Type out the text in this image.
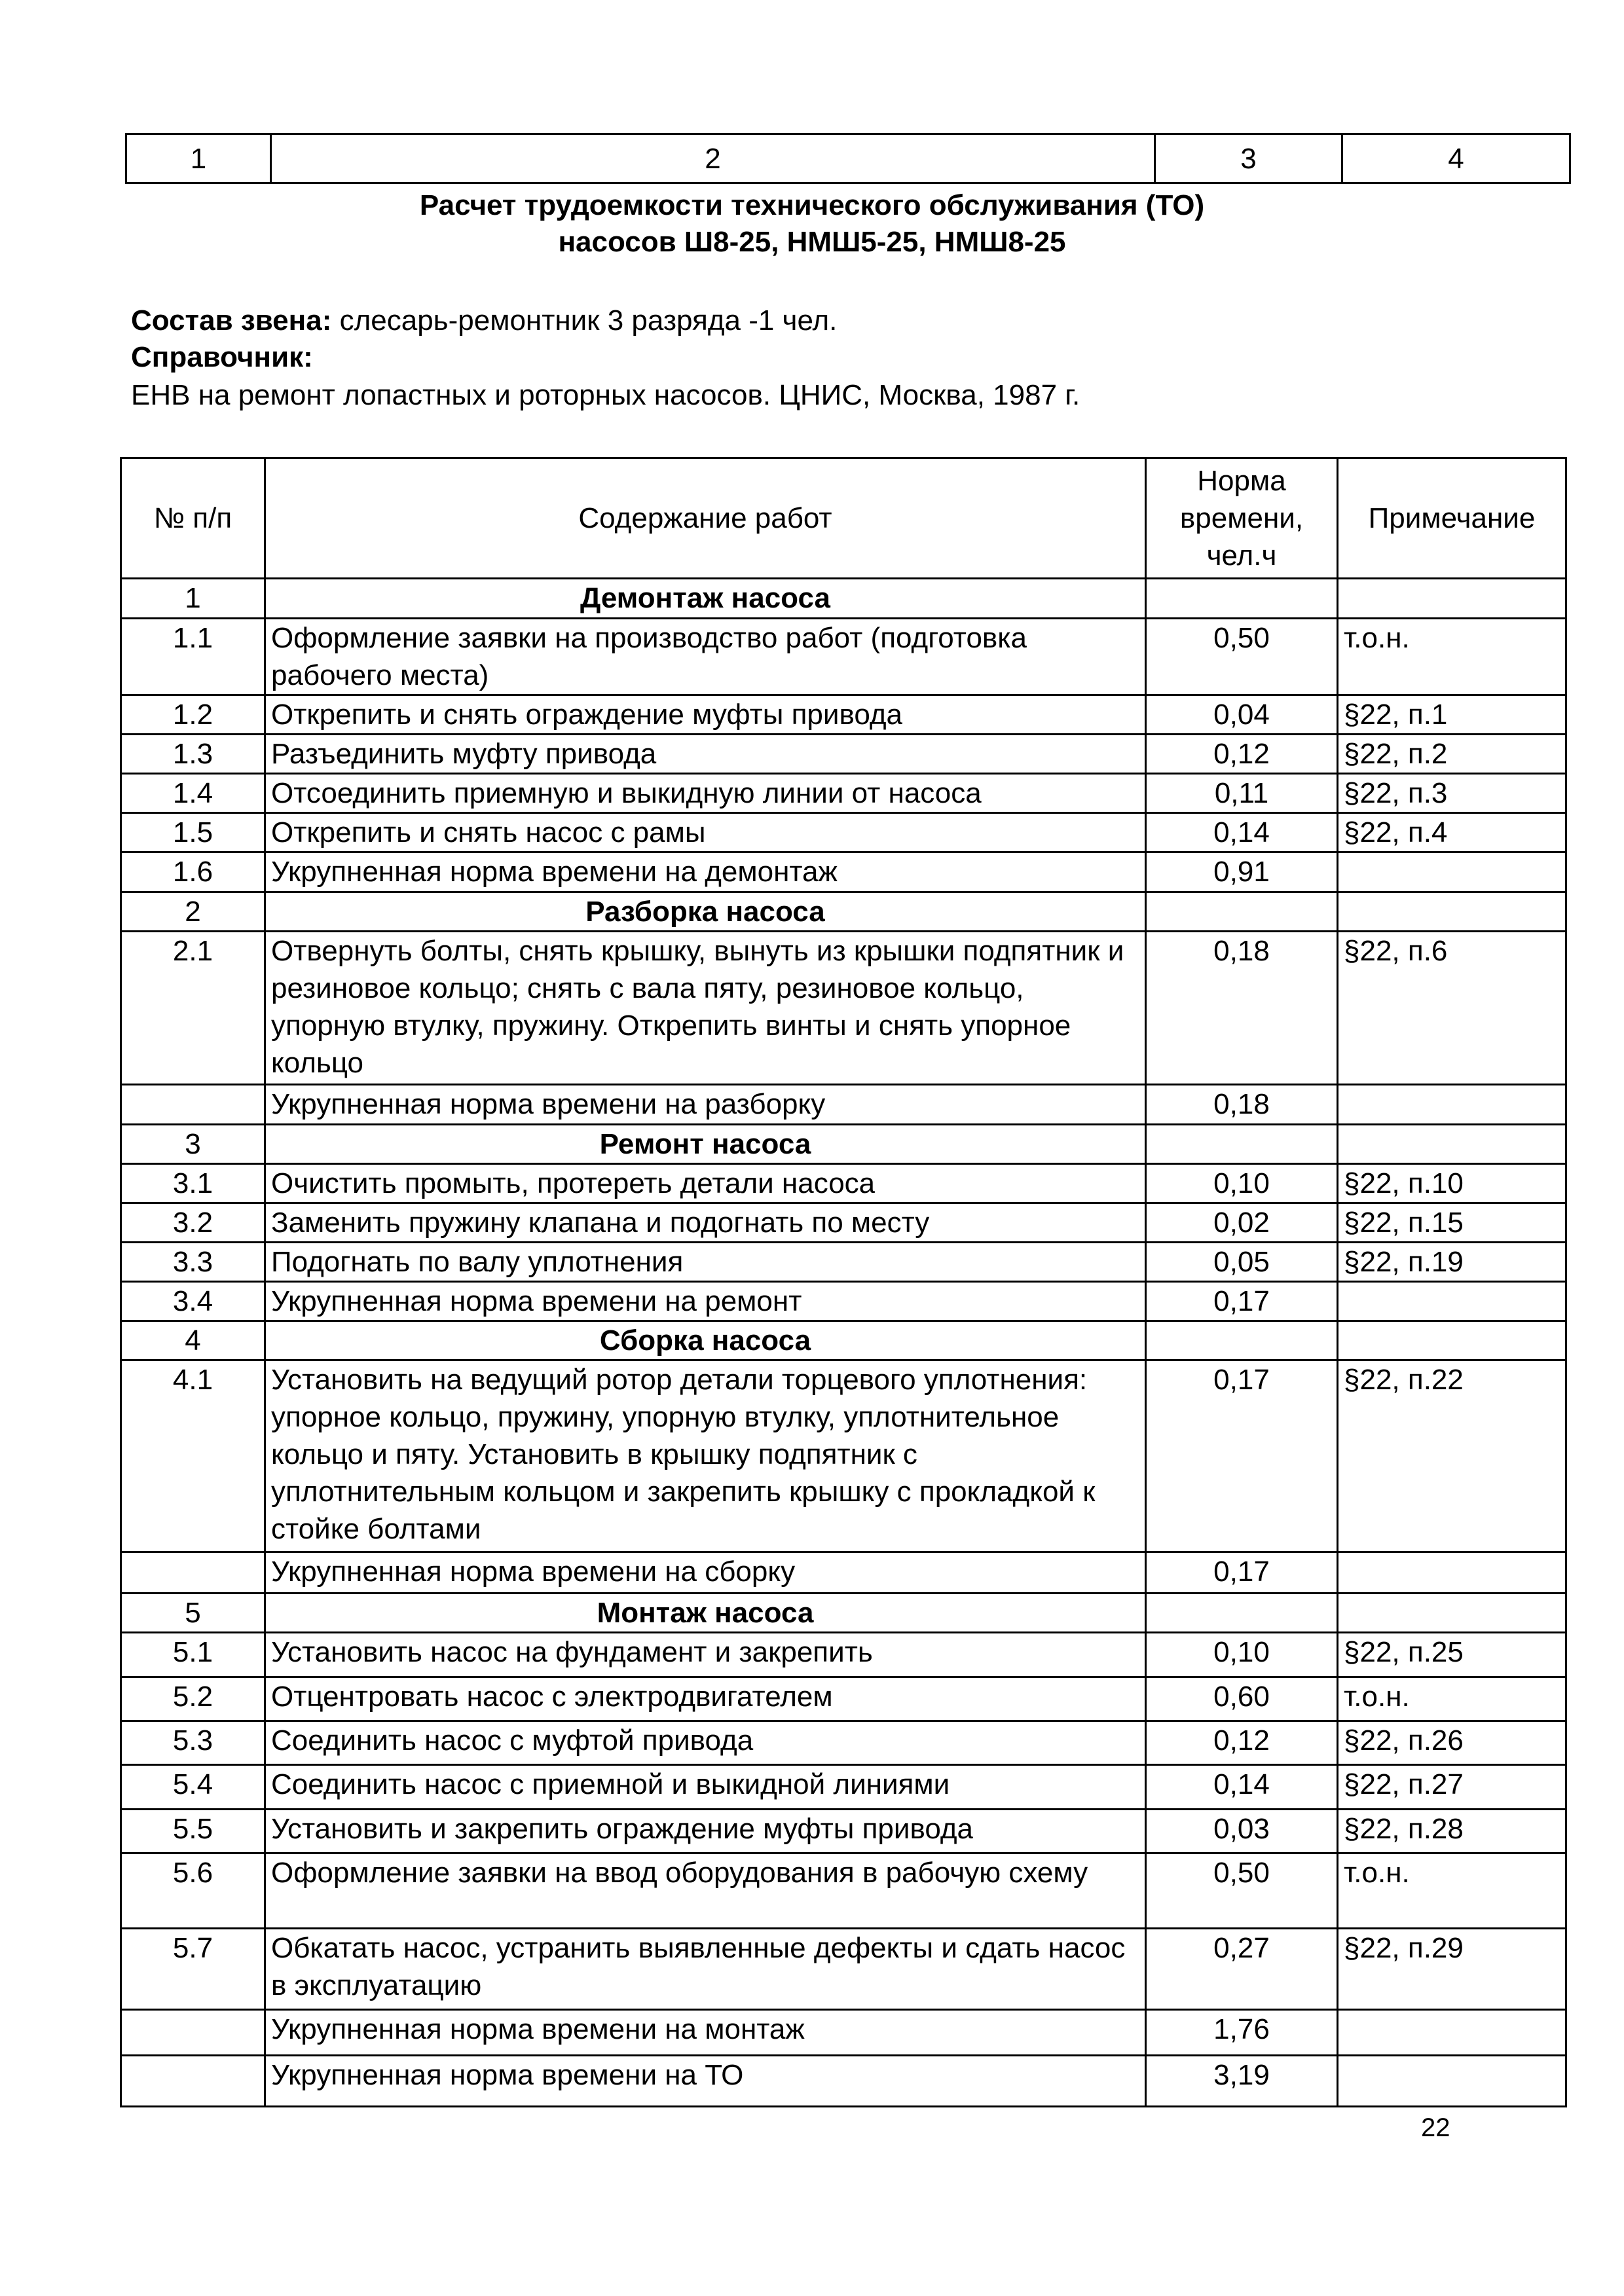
1	2	3	4
Расчет трудоемкости технического обслуживания (ТО)
насосов Ш8-25, НМШ5-25, НМШ8-25
Состав звена: слесарь-ремонтник 3 разряда -1 чел.
Справочник:
ЕНВ на ремонт лопастных и роторных насосов. ЦНИС, Москва, 1987 г.
№ п/п	Содержание работ	Норма времени, чел.ч	Примечание
1	Демонтаж насоса		
1.1	Оформление заявки на производство работ (подготовка рабочего места)	0,50	т.о.н.
1.2	Открепить и снять ограждение муфты привода	0,04	§22, п.1
1.3	Разъединить муфту привода	0,12	§22, п.2
1.4	Отсоединить приемную и выкидную линии от насоса	0,11	§22, п.3
1.5	Открепить и снять насос с рамы	0,14	§22, п.4
1.6	Укрупненная норма времени на демонтаж	0,91	
2	Разборка насоса		
2.1	Отвернуть болты, снять крышку, вынуть из крышки подпятник и резиновое кольцо; снять с вала пяту, резиновое кольцо, упорную втулку, пружину. Открепить винты и снять упорное кольцо	0,18	§22, п.6
	Укрупненная норма времени на разборку	0,18	
3	Ремонт насоса		
3.1	Очистить промыть, протереть детали насоса	0,10	§22, п.10
3.2	Заменить пружину клапана и подогнать по месту	0,02	§22, п.15
3.3	Подогнать по валу уплотнения	0,05	§22, п.19
3.4	Укрупненная норма времени на ремонт	0,17	
4	Сборка насоса		
4.1	Установить на ведущий ротор детали торцевого уплотнения: упорное кольцо, пружину, упорную втулку, уплотнительное кольцо и пяту. Установить в крышку подпятник с уплотнительным кольцом и закрепить крышку с прокладкой к стойке болтами	0,17	§22, п.22
	Укрупненная норма времени на сборку	0,17	
5	Монтаж насоса		
5.1	Установить насос на фундамент и закрепить	0,10	§22, п.25
5.2	Отцентровать насос с электродвигателем	0,60	т.о.н.
5.3	Соединить насос с муфтой привода	0,12	§22, п.26
5.4	Соединить насос с приемной и выкидной линиями	0,14	§22, п.27
5.5	Установить и закрепить ограждение муфты привода	0,03	§22, п.28
5.6	Оформление заявки на ввод оборудования в рабочую схему	0,50	т.о.н.
5.7	Обкатать насос, устранить выявленные дефекты и сдать насос в эксплуатацию	0,27	§22, п.29
	Укрупненная норма времени на монтаж	1,76	
	Укрупненная норма времени на ТО	3,19	
22
